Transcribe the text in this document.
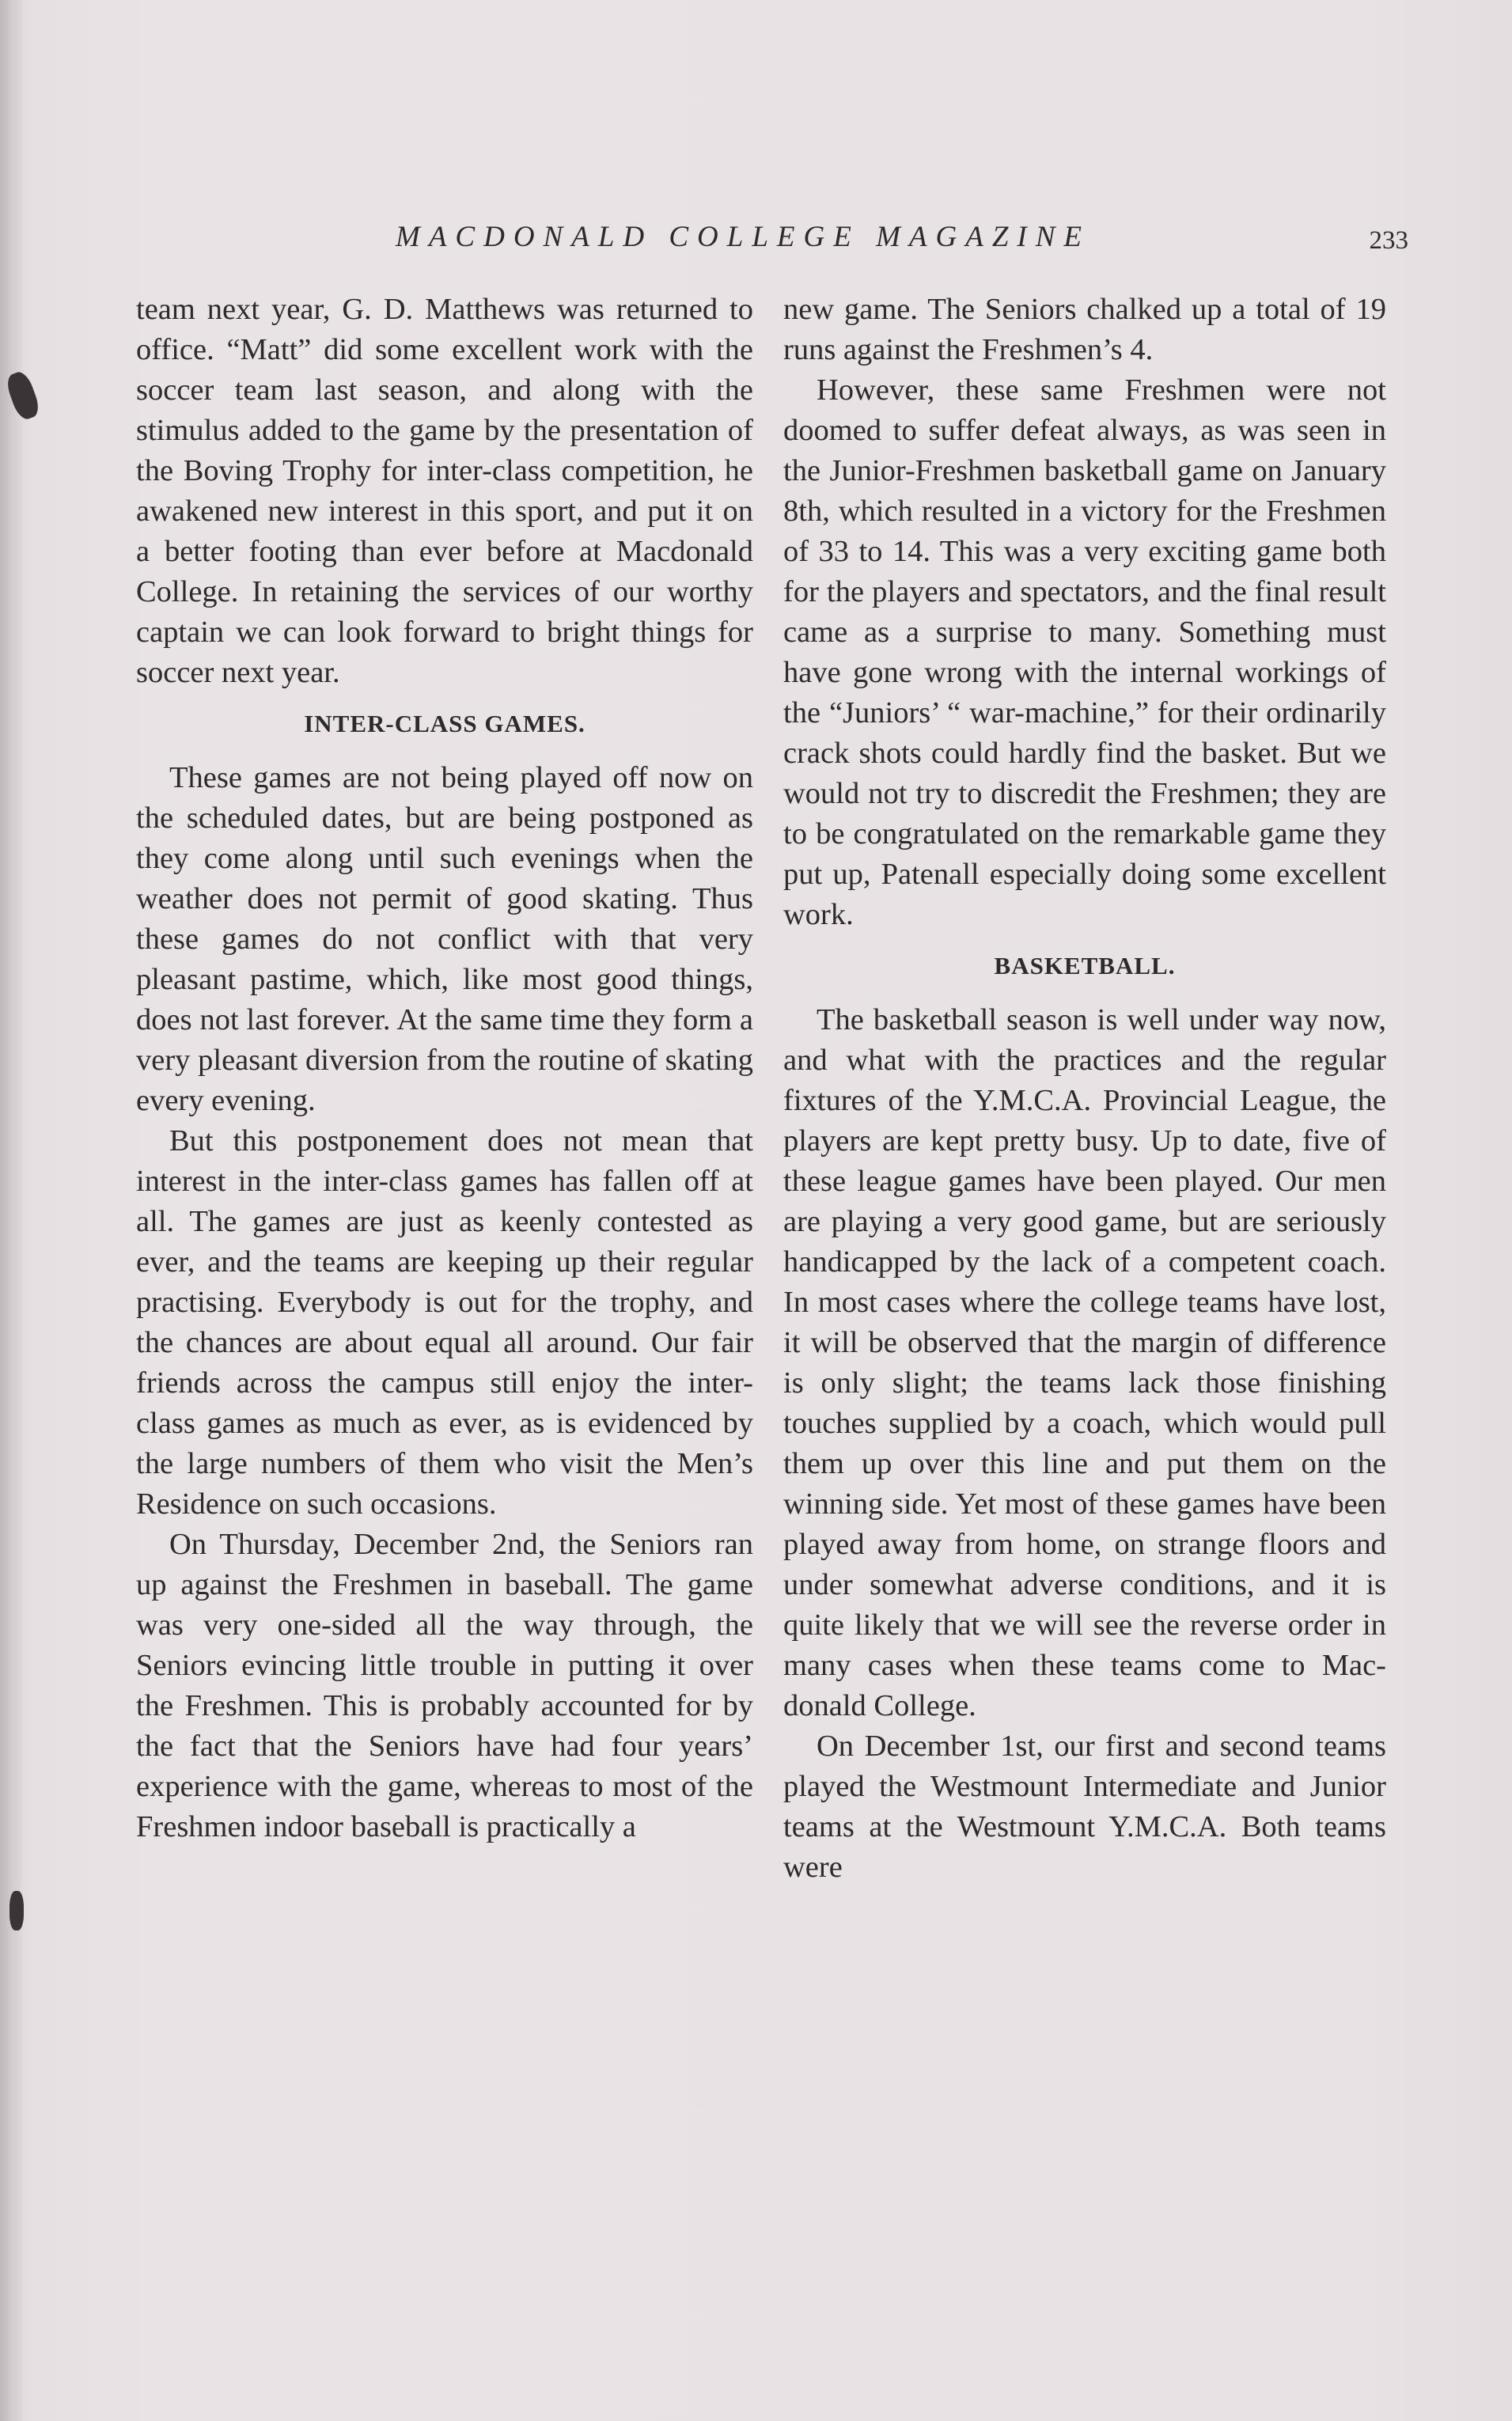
MACDONALD COLLEGE MAGAZINE	233

team next year, G. D. Matthews was returned to office. “Matt” did some excellent work with the soccer team last season, and along with the stimulus added to the game by the presentation of the Boving Trophy for inter-class competition, he awakened new interest in this sport, and put it on a better footing than ever before at Macdonald College. In retaining the services of our worthy captain we can look forward to bright things for soccer next year.

INTER-CLASS GAMES.

These games are not being played off now on the scheduled dates, but are being postponed as they come along until such evenings when the weather does not permit of good skating. Thus these games do not conflict with that very pleasant pastime, which, like most good things, does not last forever. At the same time they form a very pleasant diversion from the routine of skating every evening.

But this postponement does not mean that interest in the inter-class games has fallen off at all. The games are just as keenly contested as ever, and the teams are keeping up their regular practising. Everybody is out for the trophy, and the chances are about equal all around. Our fair friends across the campus still enjoy the inter-class games as much as ever, as is evidenced by the large numbers of them who visit the Men’s Residence on such occasions.

On Thursday, December 2nd, the Seniors ran up against the Freshmen in baseball. The game was very one-sided all the way through, the Seniors evincing little trouble in putting it over the Freshmen. This is probably accounted for by the fact that the Seniors have had four years’ experience with the game, whereas to most of the Freshmen indoor baseball is practically a

new game. The Seniors chalked up a total of 19 runs against the Freshmen’s 4.

However, these same Freshmen were not doomed to suffer defeat always, as was seen in the Junior-Freshmen basketball game on January 8th, which resulted in a victory for the Freshmen of 33 to 14. This was a very exciting game both for the players and spectators, and the final result came as a surprise to many. Something must have gone wrong with the internal workings of the “Juniors’ “ war-machine,” for their ordinarily crack shots could hardly find the basket. But we would not try to discredit the Freshmen; they are to be congratulated on the remarkable game they put up, Patenall especially doing some excellent work.

BASKETBALL.

The basketball season is well under way now, and what with the practices and the regular fixtures of the Y.M.C.A. Provincial League, the players are kept pretty busy. Up to date, five of these league games have been played. Our men are playing a very good game, but are seriously handicapped by the lack of a competent coach. In most cases where the college teams have lost, it will be observed that the margin of difference is only slight; the teams lack those finishing touches supplied by a coach, which would pull them up over this line and put them on the winning side. Yet most of these games have been played away from home, on strange floors and under somewhat adverse conditions, and it is quite likely that we will see the reverse order in many cases when these teams come to Macdonald College.

On December 1st, our first and second teams played the Westmount Intermediate and Junior teams at the Westmount Y.M.C.A. Both teams were
